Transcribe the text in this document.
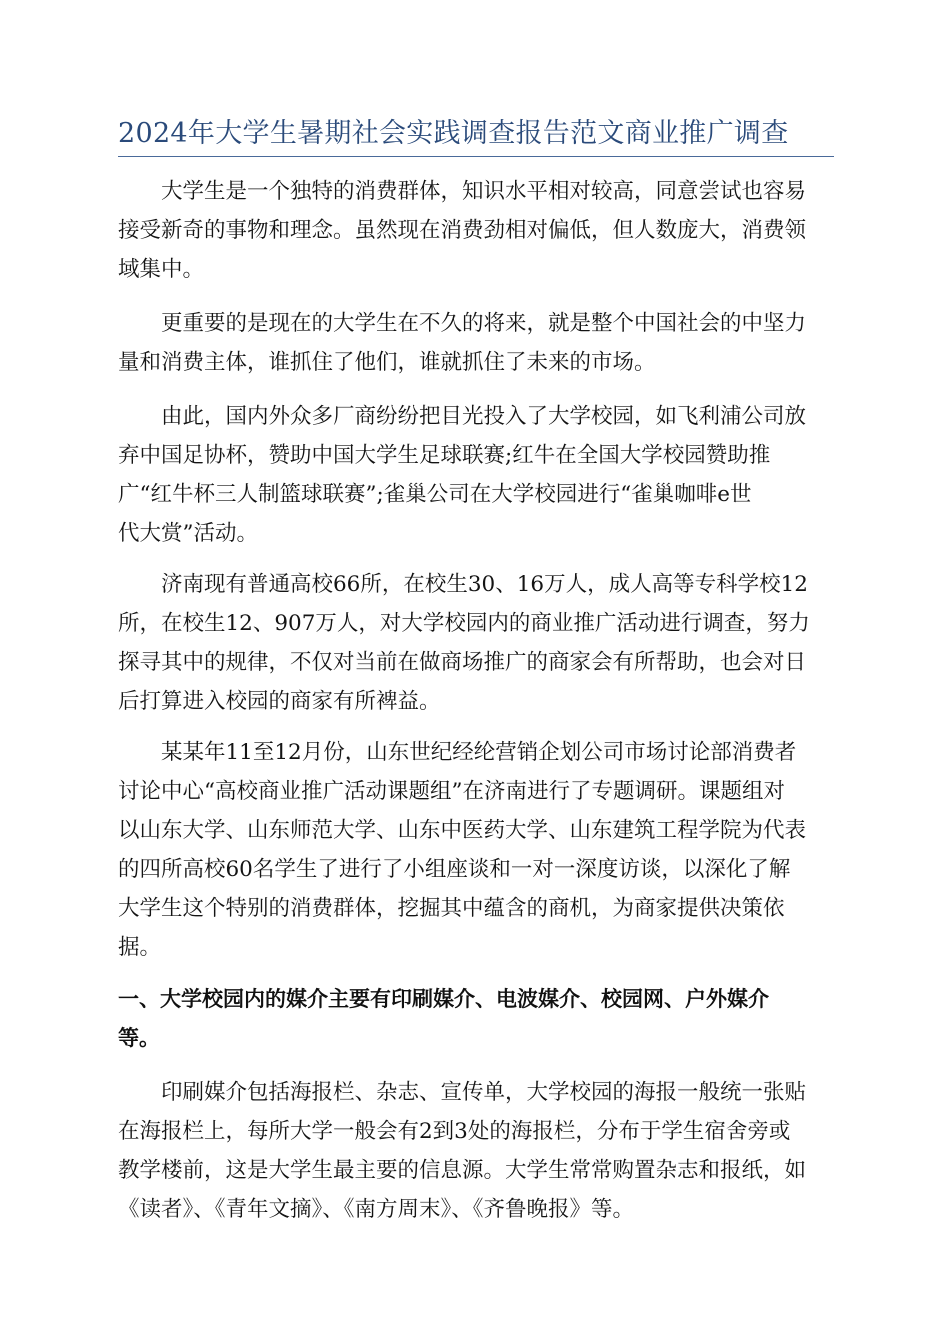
2024年大学生暑期社会实践调查报告范文商业推广调查

大学生是一个独特的消费群体，知识水平相对较高，同意尝试也容易
接受新奇的事物和理念。虽然现在消费劲相对偏低，但人数庞大，消费领
域集中。

更重要的是现在的大学生在不久的将来，就是整个中国社会的中坚力
量和消费主体，谁抓住了他们，谁就抓住了未来的市场。

由此，国内外众多厂商纷纷把目光投入了大学校园，如飞利浦公司放
弃中国足协杯，赞助中国大学生足球联赛;红牛在全国大学校园赞助推
广“红牛杯三人制篮球联赛”;雀巢公司在大学校园进行“雀巢咖啡e世
代大赏”活动。

济南现有普通高校66所，在校生30、16万人，成人高等专科学校12
所，在校生12、907万人，对大学校园内的商业推广活动进行调查，努力
探寻其中的规律，不仅对当前在做商场推广的商家会有所帮助，也会对日
后打算进入校园的商家有所裨益。

某某年11至12月份，山东世纪经纶营销企划公司市场讨论部消费者
讨论中心“高校商业推广活动课题组”在济南进行了专题调研。课题组对
以山东大学、山东师范大学、山东中医药大学、山东建筑工程学院为代表
的四所高校60名学生了进行了小组座谈和一对一深度访谈，以深化了解
大学生这个特别的消费群体，挖掘其中蕴含的商机，为商家提供决策依
据。

一、大学校园内的媒介主要有印刷媒介、电波媒介、校园网、户外媒介
等。

印刷媒介包括海报栏、杂志、宣传单，大学校园的海报一般统一张贴
在海报栏上，每所大学一般会有2到3处的海报栏，分布于学生宿舍旁或
教学楼前，这是大学生最主要的信息源。大学生常常购置杂志和报纸，如
《读者》、《青年文摘》、《南方周末》、《齐鲁晚报》等。
